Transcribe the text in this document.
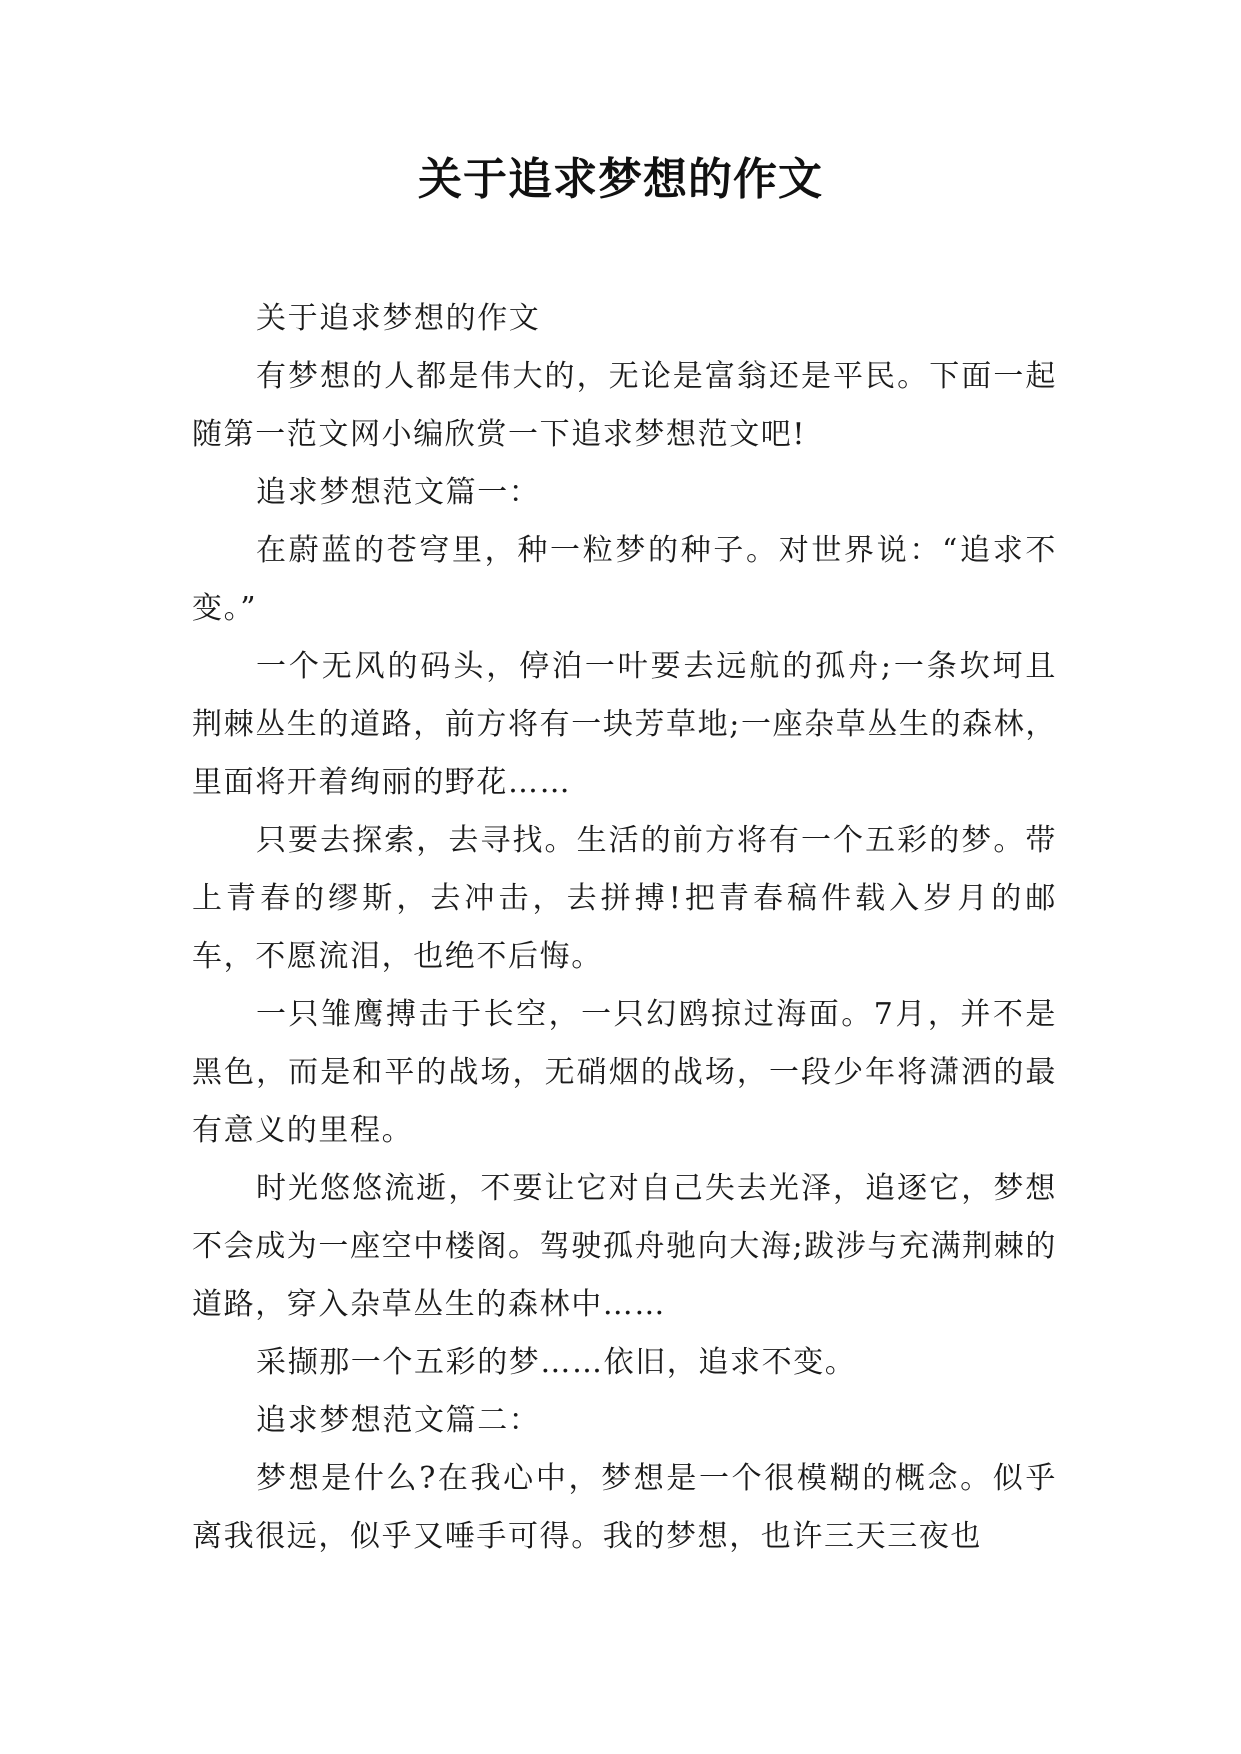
关于追求梦想的作文

关于追求梦想的作文

有梦想的人都是伟大的，无论是富翁还是平民。下面一起随第一范文网小编欣赏一下追求梦想范文吧!

追求梦想范文篇一：

在蔚蓝的苍穹里，种一粒梦的种子。对世界说：“追求不变。”

一个无风的码头，停泊一叶要去远航的孤舟;一条坎坷且荆棘丛生的道路，前方将有一块芳草地;一座杂草丛生的森林，里面将开着绚丽的野花……

只要去探索，去寻找。生活的前方将有一个五彩的梦。带上青春的缪斯，去冲击，去拼搏!把青春稿件载入岁月的邮车，不愿流泪，也绝不后悔。

一只雏鹰搏击于长空，一只幻鸥掠过海面。7月，并不是黑色，而是和平的战场，无硝烟的战场，一段少年将潇洒的最有意义的里程。

时光悠悠流逝，不要让它对自己失去光泽，追逐它，梦想不会成为一座空中楼阁。驾驶孤舟驰向大海;跋涉与充满荆棘的道路，穿入杂草丛生的森林中……

采撷那一个五彩的梦……依旧，追求不变。

追求梦想范文篇二：

梦想是什么?在我心中，梦想是一个很模糊的概念。似乎离我很远，似乎又唾手可得。我的梦想，也许三天三夜也
